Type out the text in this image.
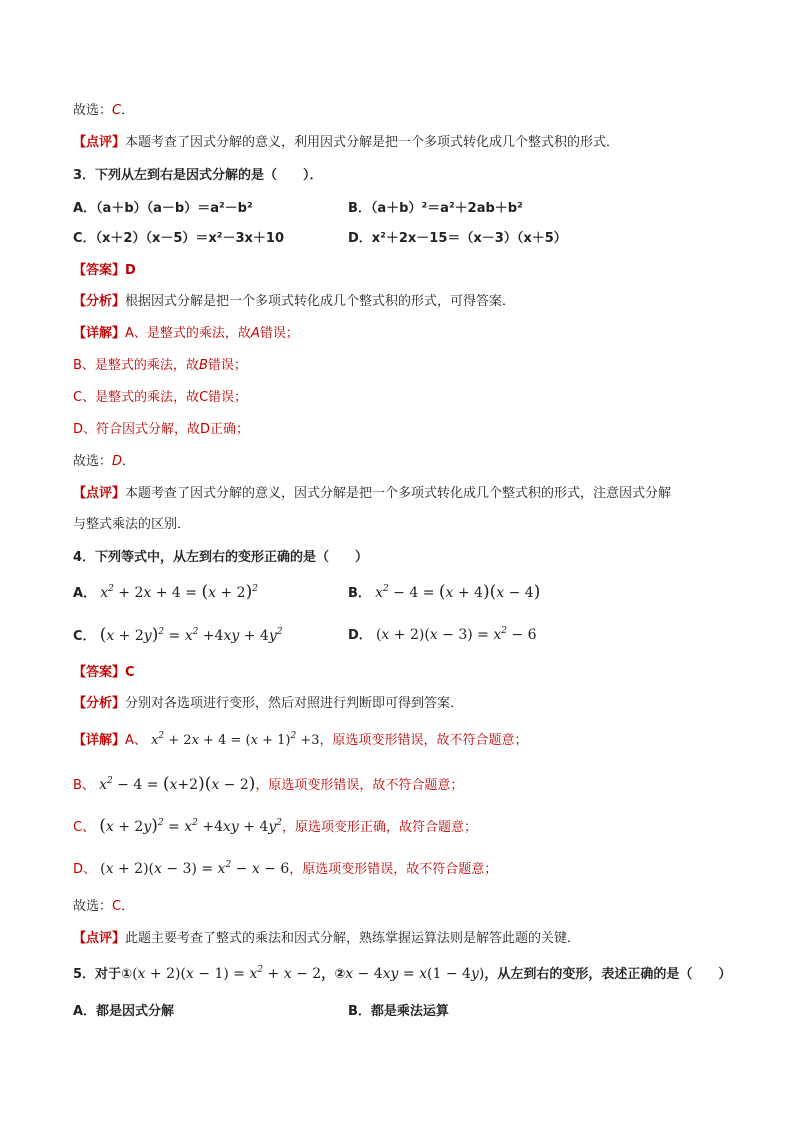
故选：C．
【点评】本题考查了因式分解的意义，利用因式分解是把一个多项式转化成几个整式积的形式．
3．下列从左到右是因式分解的是（　　）．
A．（a＋b）（a－b）＝a²－b²	B．（a＋b）²＝a²＋2ab＋b²
C．（x＋2）（x－5）＝x²－3x＋10	D．x²＋2x－15＝（x－3）（x＋5）
【答案】D
【分析】根据因式分解是把一个多项式转化成几个整式积的形式，可得答案．
【详解】A、是整式的乘法，故A错误；
B、是整式的乘法，故B错误；
C、是整式的乘法，故C错误；
D、符合因式分解，故D正确；
故选：D．
【点评】本题考查了因式分解的意义，因式分解是把一个多项式转化成几个整式积的形式，注意因式分解
与整式乘法的区别．
4．下列等式中，从左到右的变形正确的是（　　）
A． $x^2 + 2x + 4 = (x + 2)^2$	B． $x^2 - 4 = (x + 4)(x - 4)$
C． $(x + 2y)^2 = x^2 +4xy + 4y^2$	D． $(x + 2)(x - 3) = x^2 - 6$
【答案】C
【分析】分别对各选项进行变形，然后对照进行判断即可得到答案．
【详解】A、 $x^2 + 2x + 4 = (x + 1)^2 +3$，原选项变形错误，故不符合题意；
B、 $x^2 - 4 = (x+2)(x - 2)$，原选项变形错误，故不符合题意；
C、 $(x + 2y)^2 = x^2 +4xy + 4y^2$，原选项变形正确，故符合题意；
D、 $(x + 2)(x - 3) = x^2 - x - 6$，原选项变形错误，故不符合题意；
故选：C．
【点评】此题主要考查了整式的乘法和因式分解，熟练掌握运算法则是解答此题的关键．
5．对于①(x + $2)(x - 1) = x^2 + x - 2$，②x − 4xy = x(1 − 4y)，从左到右的变形，表述正确的是（　　）
A．都是因式分解	B．都是乘法运算
